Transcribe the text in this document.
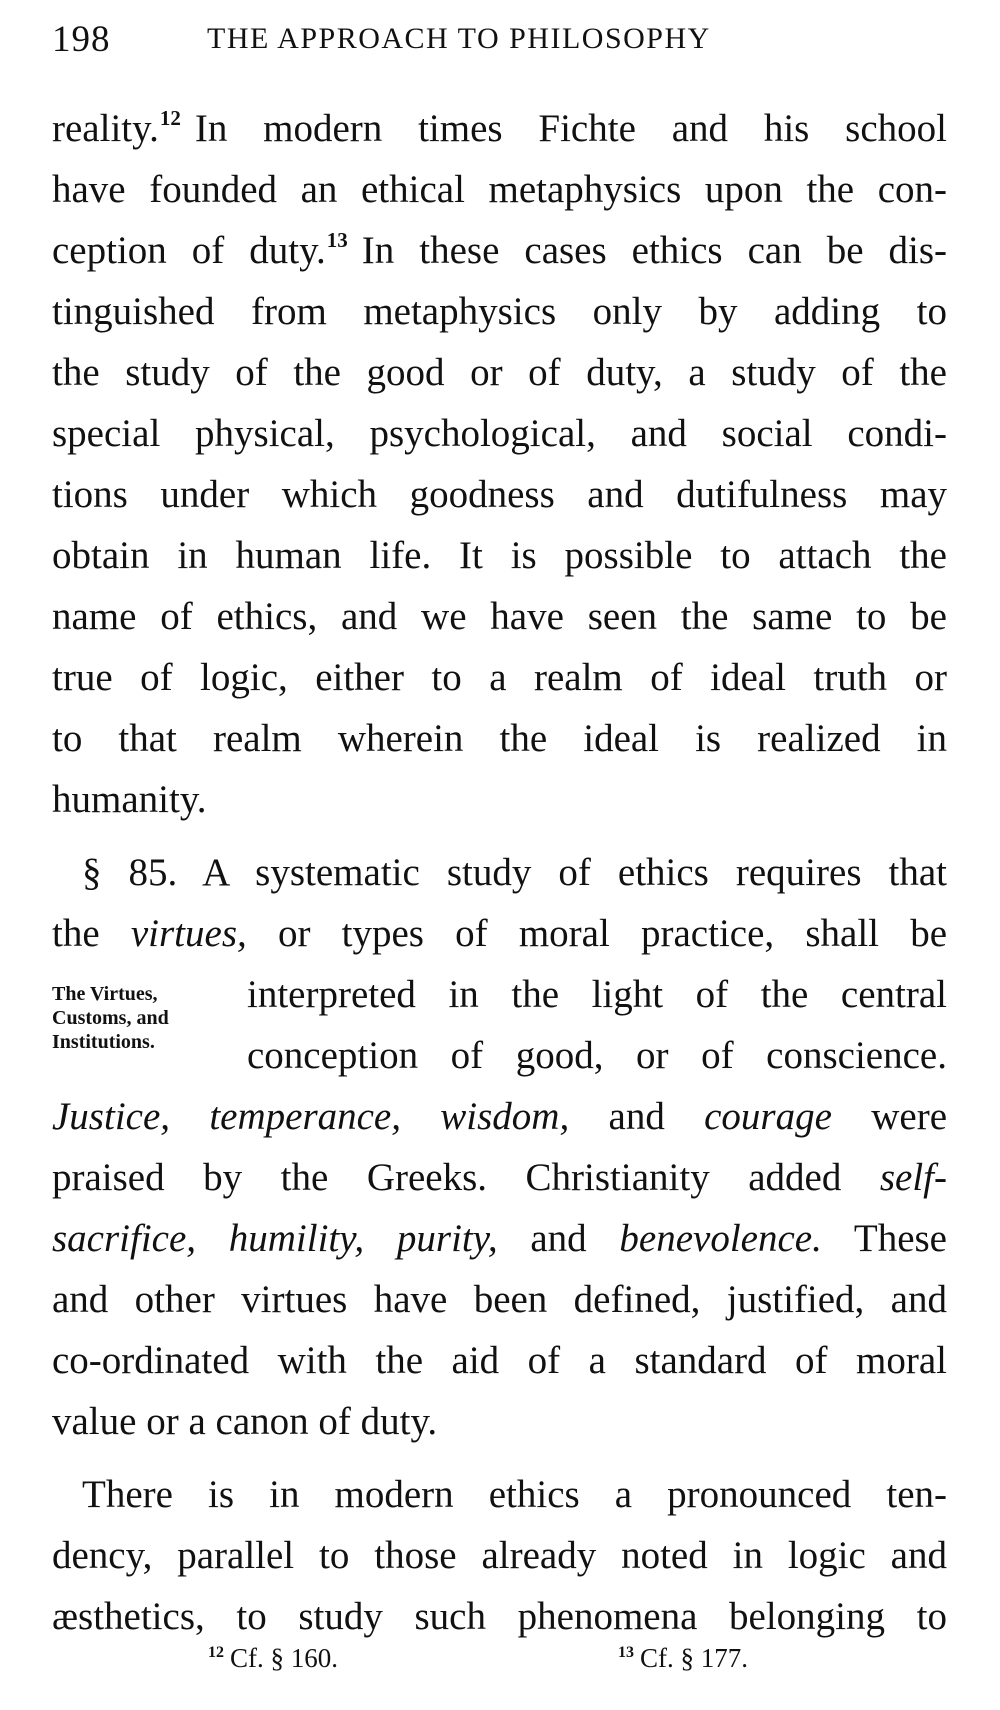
198	THE APPROACH TO PHILOSOPHY
reality.$^{12}$ In modern times Fichte and his school
have founded an ethical metaphysics upon the con-
ception of duty.$^{13}$ In these cases ethics can be dis-
tinguished from metaphysics only by adding to
the study of the good or of duty, a study of the
special physical, psychological, and social condi-
tions under which goodness and dutifulness may
obtain in human life. It is possible to attach the
name of ethics, and we have seen the same to be
true of logic, either to a realm of ideal truth or
to that realm wherein the ideal is realized in
humanity.
§ 85. A systematic study of ethics requires that
the virtues, or types of moral practice, shall be
The Virtues,
Customs, and
Institutions.
interpreted in the light of the central
conception of good, or of conscience.
Justice, temperance, wisdom, and courage were
praised by the Greeks. Christianity added self-
sacrifice, humility, purity, and benevolence. These
and other virtues have been defined, justified, and
co-ordinated with the aid of a standard of moral
value or a canon of duty.
There is in modern ethics a pronounced ten-
dency, parallel to those already noted in logic and
æsthetics, to study such phenomena belonging to
$^{12}$ Cf. § 160.	$^{13}$ Cf. § 177.
